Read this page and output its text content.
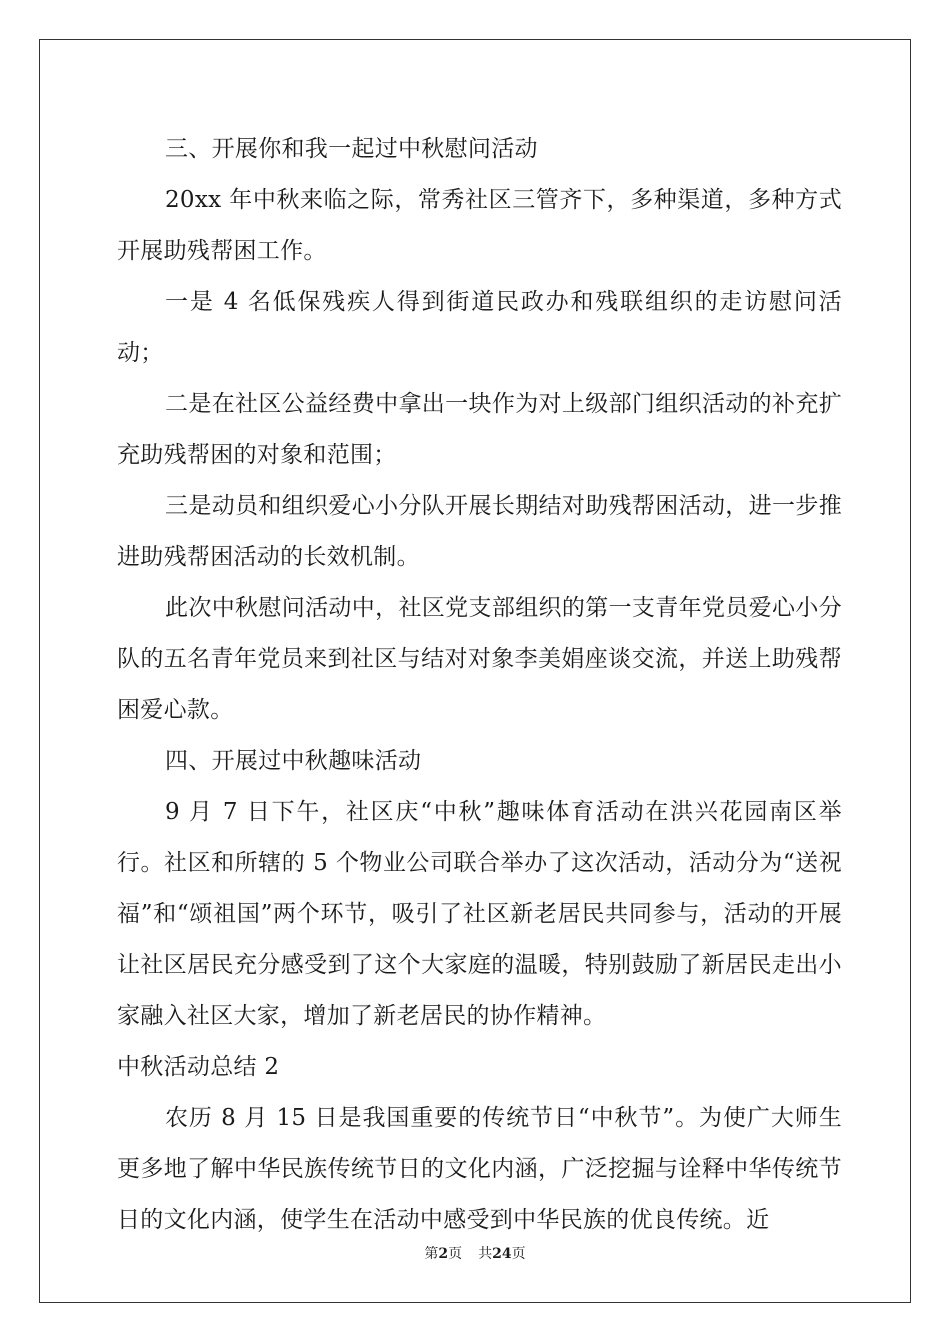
三、开展你和我一起过中秋慰问活动

20xx 年中秋来临之际，常秀社区三管齐下，多种渠道，多种方式开展助残帮困工作。

一是 4 名低保残疾人得到街道民政办和残联组织的走访慰问活动；

二是在社区公益经费中拿出一块作为对上级部门组织活动的补充扩充助残帮困的对象和范围；

三是动员和组织爱心小分队开展长期结对助残帮困活动，进一步推进助残帮困活动的长效机制。

此次中秋慰问活动中，社区党支部组织的第一支青年党员爱心小分队的五名青年党员来到社区与结对对象李美娟座谈交流，并送上助残帮困爱心款。

四、开展过中秋趣味活动

9 月 7 日下午，社区庆“中秋”趣味体育活动在洪兴花园南区举行。社区和所辖的 5 个物业公司联合举办了这次活动，活动分为“送祝福”和“颂祖国”两个环节，吸引了社区新老居民共同参与，活动的开展让社区居民充分感受到了这个大家庭的温暖，特别鼓励了新居民走出小家融入社区大家，增加了新老居民的协作精神。

中秋活动总结 2

农历 8 月 15 日是我国重要的传统节日“中秋节”。为使广大师生更多地了解中华民族传统节日的文化内涵，广泛挖掘与诠释中华传统节日的文化内涵，使学生在活动中感受到中华民族的优良传统。近

第2页 共24页
